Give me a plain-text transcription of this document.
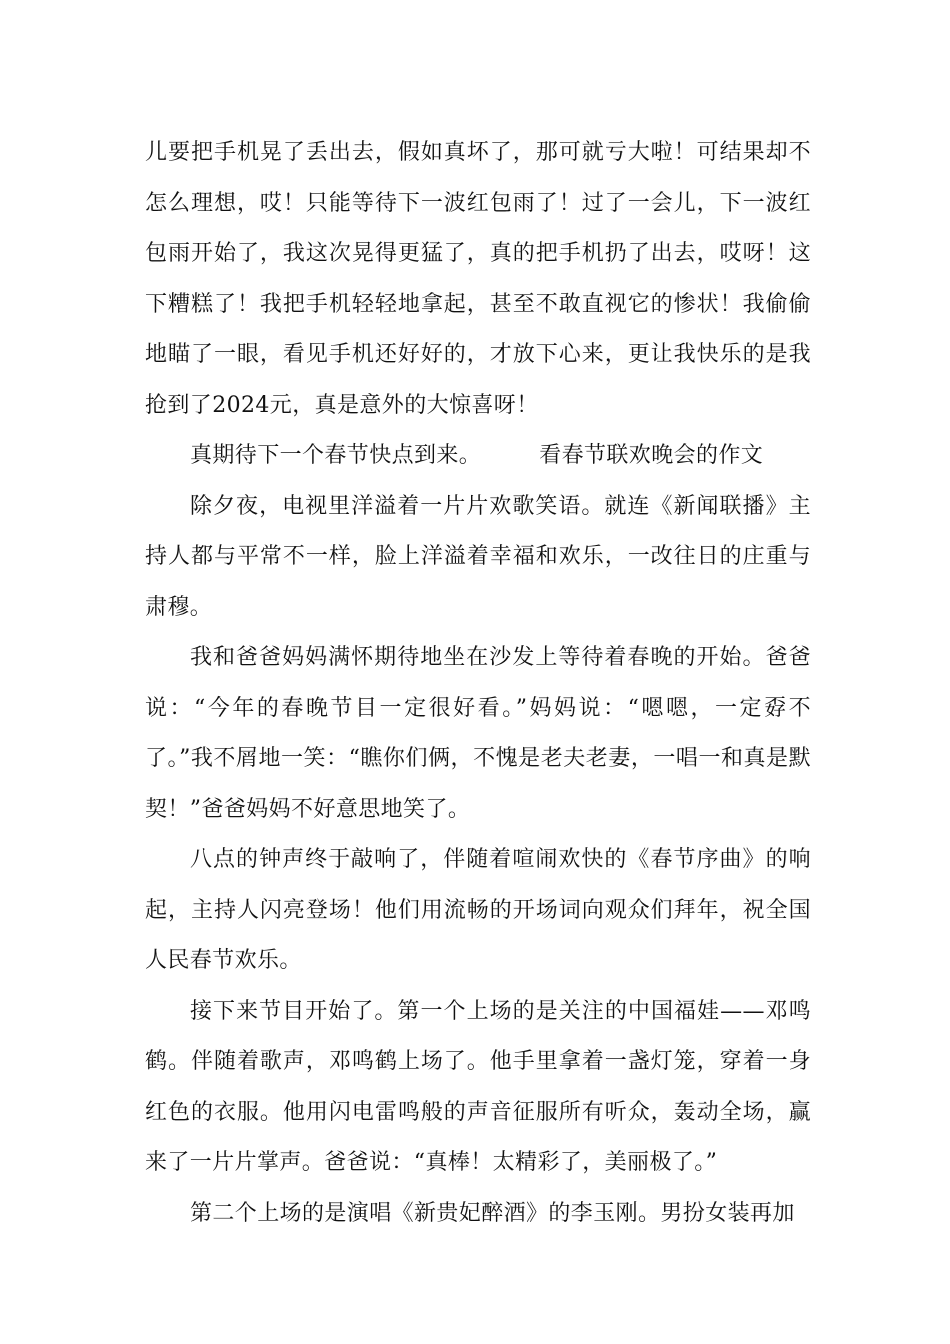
儿要把手机晃了丢出去，假如真坏了，那可就亏大啦！可结果却不怎么理想，哎！只能等待下一波红包雨了！过了一会儿，下一波红包雨开始了，我这次晃得更猛了，真的把手机扔了出去，哎呀！这下糟糕了！我把手机轻轻地拿起，甚至不敢直视它的惨状！我偷偷地瞄了一眼，看见手机还好好的，才放下心来，更让我快乐的是我抢到了2024元，真是意外的大惊喜呀！

真期待下一个春节快点到来。	看春节联欢晚会的作文

除夕夜，电视里洋溢着一片片欢歌笑语。就连《新闻联播》主持人都与平常不一样，脸上洋溢着幸福和欢乐，一改往日的庄重与肃穆。

我和爸爸妈妈满怀期待地坐在沙发上等待着春晚的开始。爸爸说：“今年的春晚节目一定很好看。”妈妈说：“嗯嗯，一定孬不了。”我不屑地一笑：“瞧你们俩，不愧是老夫老妻，一唱一和真是默契！”爸爸妈妈不好意思地笑了。

八点的钟声终于敲响了，伴随着喧闹欢快的《春节序曲》的响起，主持人闪亮登场！他们用流畅的开场词向观众们拜年，祝全国人民春节欢乐。

接下来节目开始了。第一个上场的是关注的中国福娃——邓鸣鹤。伴随着歌声，邓鸣鹤上场了。他手里拿着一盏灯笼，穿着一身红色的衣服。他用闪电雷鸣般的声音征服所有听众，轰动全场，赢来了一片片掌声。爸爸说：“真棒！太精彩了，美丽极了。”

第二个上场的是演唱《新贵妃醉酒》的李玉刚。男扮女装再加
